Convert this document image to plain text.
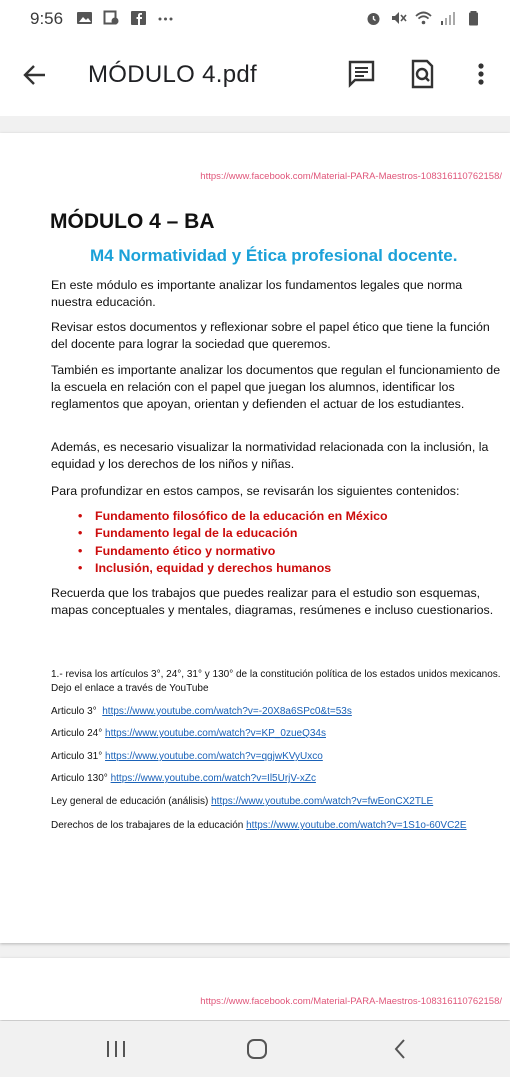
9:56
MÓDULO 4.pdf
https://www.facebook.com/Material-PARA-Maestros-108316110762158/
MÓDULO 4 – BA
M4 Normatividad y Ética profesional docente.

En este módulo es importante analizar los fundamentos legales que norma nuestra educación.

Revisar estos documentos y reflexionar sobre el papel ético que tiene la función del docente para lograr la sociedad que queremos.

También es importante analizar los documentos que regulan el funcionamiento de la escuela en relación con el papel que juegan los alumnos, identificar los reglamentos que apoyan, orientan y defienden el actuar de los estudiantes.

Además, es necesario visualizar la normatividad relacionada con la inclusión, la equidad y los derechos de los niños y niñas.

Para profundizar en estos campos, se revisarán los siguientes contenidos:

• Fundamento filosófico de la educación en México
• Fundamento legal de la educación
• Fundamento ético y normativo
• Inclusión, equidad y derechos humanos

Recuerda que los trabajos que puedes realizar para el estudio son esquemas, mapas conceptuales y mentales, diagramas, resúmenes e incluso cuestionarios.

1.- revisa los artículos 3°, 24°, 31° y 130° de la constitución política de los estados unidos mexicanos. Dejo el enlace a través de YouTube

Articulo 3° https://www.youtube.com/watch?v=-20X8a6SPc0&t=53s

Articulo 24° https://www.youtube.com/watch?v=KP_0zueQ34s

Articulo 31° https://www.youtube.com/watch?v=qgjwKVyUxco

Articulo 130° https://www.youtube.com/watch?v=Il5UrjV-xZc

Ley general de educación (análisis) https://www.youtube.com/watch?v=fwEonCX2TLE

Derechos de los trabajares de la educación https://www.youtube.com/watch?v=1S1o-60VC2E

https://www.facebook.com/Material-PARA-Maestros-108316110762158/
